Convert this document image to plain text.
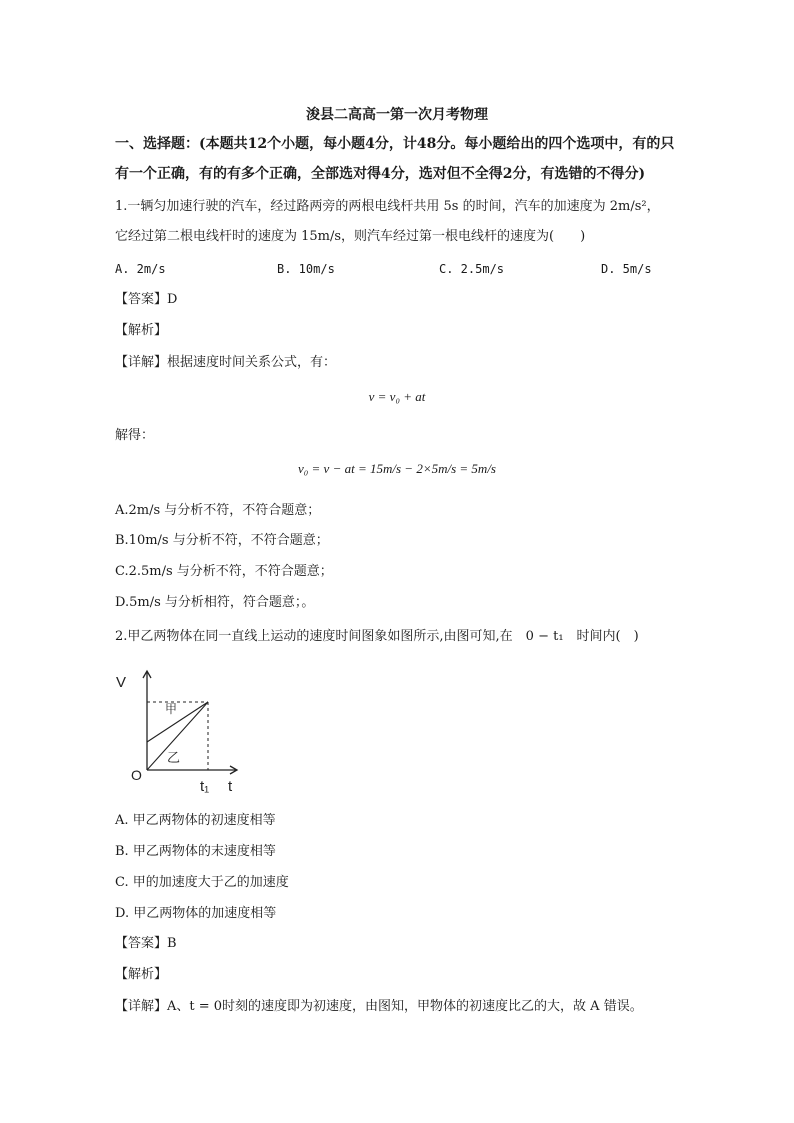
浚县二高高一第一次月考物理
一、选择题：(本题共12个小题，每小题4分，计48分。每小题给出的四个选项中，有的只
有一个正确，有的有多个正确，全部选对得4分，选对但不全得2分，有选错的不得分)
1.一辆匀加速行驶的汽车，经过路两旁的两根电线杆共用 5s 的时间，汽车的加速度为 2m/s²，
它经过第二根电线杆时的速度为 15m/s，则汽车经过第一根电线杆的速度为(　　)
A. 2m/s	B. 10m/s	C. 2.5m/s	D. 5m/s
【答案】D
【解析】
【详解】根据速度时间关系公式，有：
v = v₀ + at
解得：
v₀ = v − at = 15m/s − 2×5m/s = 5m/s
A.2m/s 与分析不符，不符合题意；
B.10m/s 与分析不符，不符合题意；
C.2.5m/s 与分析不符，不符合题意；
D.5m/s 与分析相符，符合题意；。
2.甲乙两物体在同一直线上运动的速度时间图象如图所示,由图可知,在　0 − t₁　时间内(　)
V
t
O
t₁
甲
乙
A. 甲乙两物体的初速度相等
B. 甲乙两物体的末速度相等
C. 甲的加速度大于乙的加速度
D. 甲乙两物体的加速度相等
【答案】B
【解析】
【详解】A、t = 0时刻的速度即为初速度，由图知，甲物体的初速度比乙的大，故 A 错误。
